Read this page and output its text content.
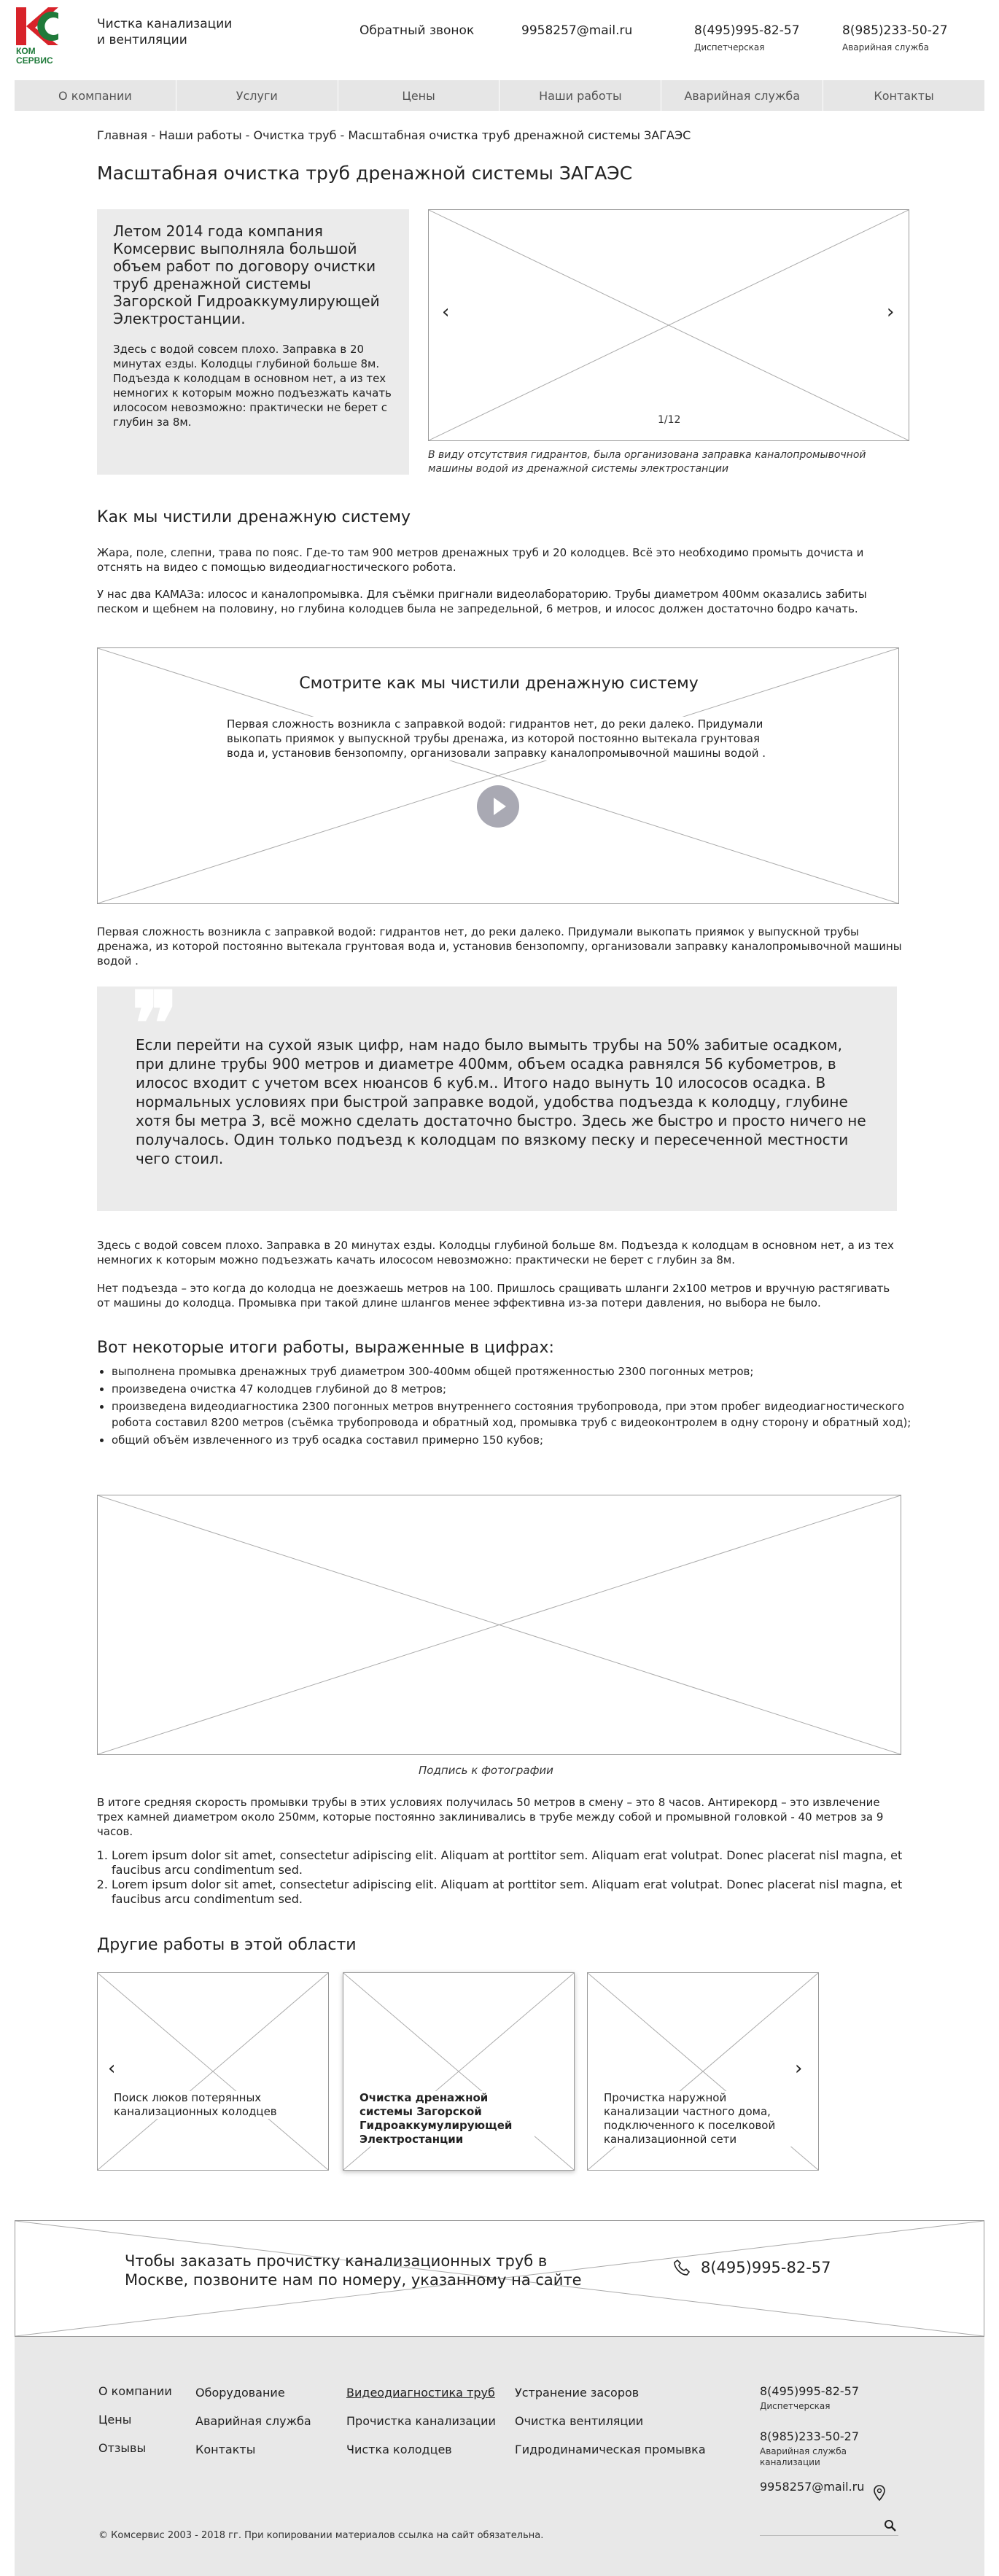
КОМ СЕРВИС
Чистка канализации
и вентиляции
Обратный звонок	9958257@mail.ru	8(495)995-82-57
Диспетчерская
8(985)233-50-27
Аварийная служба
О компании	Услуги	Цены	Наши работы	Аварийная служба	Контакты
Главная - Наши работы - Очистка труб - Масштабная очистка труб дренажной системы ЗАГАЭС
Масштабная очистка труб дренажной системы ЗАГАЭС
Летом 2014 года компания Комсервис выполняла большой объем работ по договору очистки труб дренажной системы Загорской Гидроаккумулирующей Электростанции.
Здесь с водой совсем плохо. Заправка в 20 минутах езды. Колодцы глубиной больше 8м. Подъезда к колодцам в основном нет, а из тех немногих к которым можно подъезжать качать илососом невозможно: практически не берет с глубин за 8м.
‹	›
1/12
В виду отсутствия гидрантов, была организована заправка каналопромывочной машины водой из дренажной системы электростанции
Как мы чистили дренажную систему

Жара, поле, слепни, трава по пояс. Где-то там 900 метров дренажных труб и 20 колодцев. Всё это необходимо промыть дочиста и отснять на видео с помощью видеодиагностического робота.

У нас два КАМАЗа: илосос и каналопромывка. Для съёмки пригнали видеолабораторию. Трубы диаметром 400мм оказались забиты песком и щебнем на половину, но глубина колодцев была не запредельной, 6 метров, и илосос должен достаточно бодро качать.

Смотрите как мы чистили дренажную систему
Первая сложность возникла с заправкой водой: гидрантов нет, до реки далеко. Придумали выкопать приямок у выпускной трубы дренажа, из которой постоянно вытекала грунтовая вода и, установив бензопомпу, организовали заправку каналопромывочной машины водой .

Первая сложность возникла с заправкой водой: гидрантов нет, до реки далеко. Придумали выкопать приямок у выпускной трубы дренажа, из которой постоянно вытекала грунтовая вода и, установив бензопомпу, организовали заправку каналопромывочной машины водой .

❞
Если перейти на сухой язык цифр, нам надо было вымыть трубы на 50% забитые осадком, при длине трубы 900 метров и диаметре 400мм, объем осадка равнялся 56 кубометров, в илосос входит с учетом всех нюансов 6 куб.м.. Итого надо вынуть 10 илососов осадка. В нормальных условиях при быстрой заправке водой, удобства подъезда к колодцу, глубине хотя бы метра 3, всё можно сделать достаточно быстро. Здесь же быстро и просто ничего не получалось. Один только подъезд к колодцам по вязкому песку и пересеченной местности чего стоил.

Здесь с водой совсем плохо. Заправка в 20 минутах езды. Колодцы глубиной больше 8м. Подъезда к колодцам в основном нет, а из тех немногих к которым можно подъезжать качать илососом невозможно: практически не берет с глубин за 8м.

Нет подъезда – это когда до колодца не доезжаешь метров на 100. Пришлось сращивать шланги 2х100 метров и вручную растягивать от машины до колодца. Промывка при такой длине шлангов менее эффективна из-за потери давления, но выбора не было.

Вот некоторые итоги работы, выраженные в цифрах:
• выполнена промывка дренажных труб диаметром 300-400мм общей протяженностью 2300 погонных метров;
• произведена очистка 47 колодцев глубиной до 8 метров;
• произведена видеодиагностика 2300 погонных метров внутреннего состояния трубопровода, при этом пробег видеодиагностического робота составил 8200 метров (съёмка трубопровода и обратный ход, промывка труб с видеоконтролем в одну сторону и обратный ход);
• общий объём извлеченного из труб осадка составил примерно 150 кубов;
Подпись к фотографии

В итоге средняя скорость промывки трубы в этих условиях получилась 50 метров в смену – это 8 часов. Антирекорд – это извлечение трех камней диаметром около 250мм, которые постоянно заклинивались в трубе между собой и промывной головкой - 40 метров за 9 часов.

1. Lorem ipsum dolor sit amet, consectetur adipiscing elit. Aliquam at porttitor sem. Aliquam erat volutpat. Donec placerat nisl magna, et faucibus arcu condimentum sed.
2. Lorem ipsum dolor sit amet, consectetur adipiscing elit. Aliquam at porttitor sem. Aliquam erat volutpat. Donec placerat nisl magna, et faucibus arcu condimentum sed.
Другие работы в этой области
Поиск люков потерянных канализационных колодцев
‹
Очистка дренажной системы Загорской Гидроаккумулирующей Электростанции
Прочистка наружной канализации частного дома, подключенного к поселковой канализационной сети
›
Чтобы заказать прочистку канализационных труб в Москве, позвоните нам по номеру, указанному на сайте
8(495)995-82-57
О компании
Цены
Отзывы
Оборудование
Аварийная служба
Контакты
Видеодиагностика труб
Прочистка канализации
Чистка колодцев
Устранение засоров
Очистка вентиляции
Гидродинамическая промывка
8(495)995-82-57
Диспетчерская
8(985)233-50-27
Аварийная служба канализации
9958257@mail.ru
© Комсервис 2003 - 2018 гг. При копировании материалов ссылка на сайт обязательна.
